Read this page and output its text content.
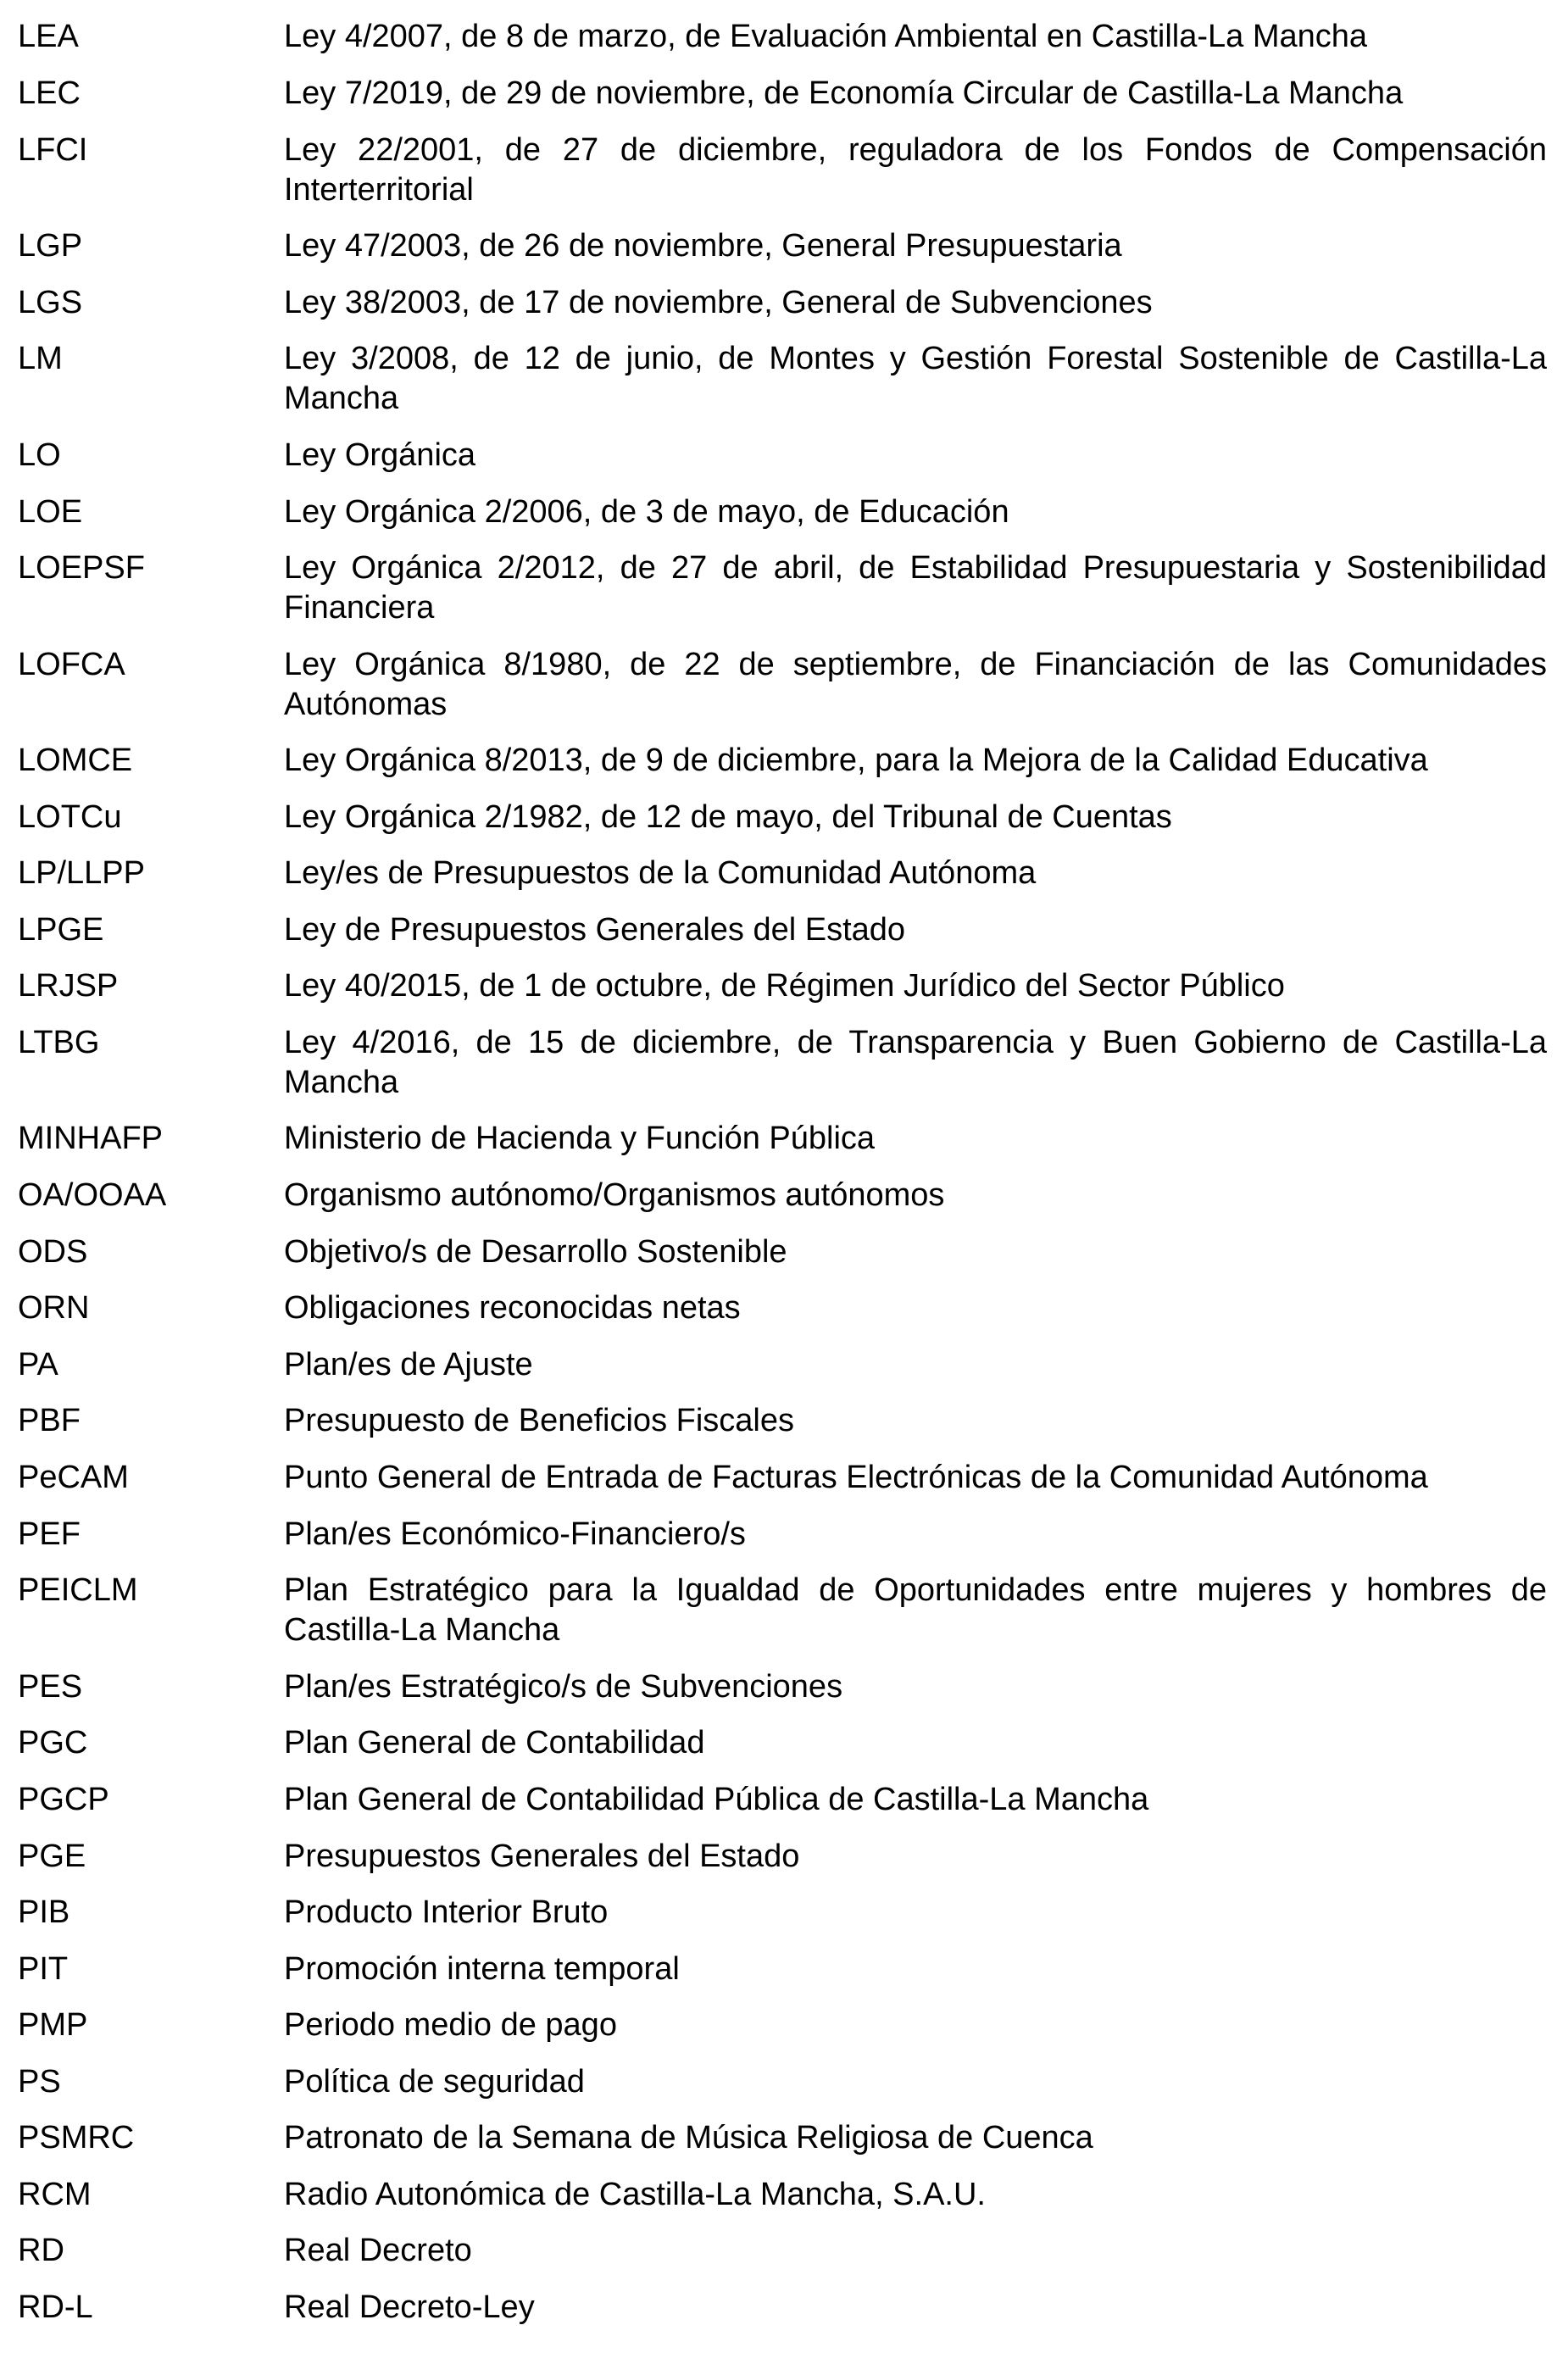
LEA	Ley 4/2007, de 8 de marzo, de Evaluación Ambiental en Castilla-La Mancha
LEC	Ley 7/2019, de 29 de noviembre, de Economía Circular de Castilla-La Mancha
LFCI	Ley 22/2001, de 27 de diciembre, reguladora de los Fondos de Compensación Interterritorial
LGP	Ley 47/2003, de 26 de noviembre, General Presupuestaria
LGS	Ley 38/2003, de 17 de noviembre, General de Subvenciones
LM	Ley 3/2008, de 12 de junio, de Montes y Gestión Forestal Sostenible de Castilla-La Mancha
LO	Ley Orgánica
LOE	Ley Orgánica 2/2006, de 3 de mayo, de Educación
LOEPSF	Ley Orgánica 2/2012, de 27 de abril, de Estabilidad Presupuestaria y Sostenibilidad Financiera
LOFCA	Ley Orgánica 8/1980, de 22 de septiembre, de Financiación de las Comunidades Autónomas
LOMCE	Ley Orgánica 8/2013, de 9 de diciembre, para la Mejora de la Calidad Educativa
LOTCu	Ley Orgánica 2/1982, de 12 de mayo, del Tribunal de Cuentas
LP/LLPP	Ley/es de Presupuestos de la Comunidad Autónoma
LPGE	Ley de Presupuestos Generales del Estado
LRJSP	Ley 40/2015, de 1 de octubre, de Régimen Jurídico del Sector Público
LTBG	Ley 4/2016, de 15 de diciembre, de Transparencia y Buen Gobierno de Castilla-La Mancha
MINHAFP	Ministerio de Hacienda y Función Pública
OA/OOAA	Organismo autónomo/Organismos autónomos
ODS	Objetivo/s de Desarrollo Sostenible
ORN	Obligaciones reconocidas netas
PA	Plan/es de Ajuste
PBF	Presupuesto de Beneficios Fiscales
PeCAM	Punto General de Entrada de Facturas Electrónicas de la Comunidad Autónoma
PEF	Plan/es Económico-Financiero/s
PEICLM	Plan Estratégico para la Igualdad de Oportunidades entre mujeres y hombres de Castilla-La Mancha
PES	Plan/es Estratégico/s de Subvenciones
PGC	Plan General de Contabilidad
PGCP	Plan General de Contabilidad Pública de Castilla-La Mancha
PGE	Presupuestos Generales del Estado
PIB	Producto Interior Bruto
PIT	Promoción interna temporal
PMP	Periodo medio de pago
PS	Política de seguridad
PSMRC	Patronato de la Semana de Música Religiosa de Cuenca
RCM	Radio Autonómica de Castilla-La Mancha, S.A.U.
RD	Real Decreto
RD-L	Real Decreto-Ley
